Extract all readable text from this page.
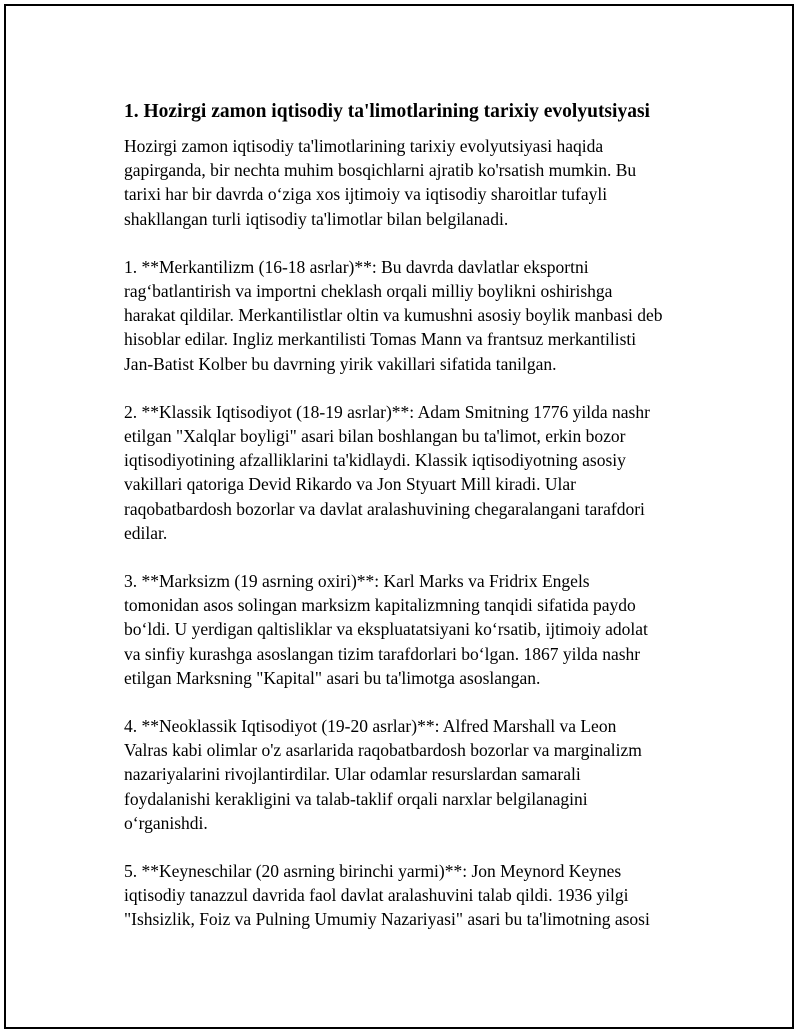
1. Hozirgi zamon iqtisodiy ta'limotlarining tarixiy evolyutsiyasi
Hozirgi zamon iqtisodiy ta'limotlarining tarixiy evolyutsiyasi haqida
gapirganda, bir nechta muhim bosqichlarni ajratib ko'rsatish mumkin. Bu
tarixi har bir davrda o‘ziga xos ijtimoiy va iqtisodiy sharoitlar tufayli
shakllangan turli iqtisodiy ta'limotlar bilan belgilanadi.
1. **Merkantilizm (16-18 asrlar)**: Bu davrda davlatlar eksportni
rag‘batlantirish va importni cheklash orqali milliy boylikni oshirishga
harakat qildilar. Merkantilistlar oltin va kumushni asosiy boylik manbasi deb
hisoblar edilar. Ingliz merkantilisti Tomas Mann va frantsuz merkantilisti
Jan-Batist Kolber bu davrning yirik vakillari sifatida tanilgan.
2. **Klassik Iqtisodiyot (18-19 asrlar)**: Adam Smitning 1776 yilda nashr
etilgan "Xalqlar boyligi" asari bilan boshlangan bu ta'limot, erkin bozor
iqtisodiyotining afzalliklarini ta'kidlaydi. Klassik iqtisodiyotning asosiy
vakillari qatoriga Devid Rikardo va Jon Styuart Mill kiradi. Ular
raqobatbardosh bozorlar va davlat aralashuvining chegaralangani tarafdori
edilar.
3. **Marksizm (19 asrning oxiri)**: Karl Marks va Fridrix Engels
tomonidan asos solingan marksizm kapitalizmning tanqidi sifatida paydo
bo‘ldi. U yerdigan qaltisliklar va ekspluatatsiyani ko‘rsatib, ijtimoiy adolat
va sinfiy kurashga asoslangan tizim tarafdorlari bo‘lgan. 1867 yilda nashr
etilgan Marksning "Kapital" asari bu ta'limotga asoslangan.
4. **Neoklassik Iqtisodiyot (19-20 asrlar)**: Alfred Marshall va Leon
Valras kabi olimlar o'z asarlarida raqobatbardosh bozorlar va marginalizm
nazariyalarini rivojlantirdilar. Ular odamlar resurslardan samarali
foydalanishi kerakligini va talab-taklif orqali narxlar belgilanagini
o‘rganishdi.
5. **Keyneschilar (20 asrning birinchi yarmi)**: Jon Meynord Keynes
iqtisodiy tanazzul davrida faol davlat aralashuvini talab qildi. 1936 yilgi
"Ishsizlik, Foiz va Pulning Umumiy Nazariyasi" asari bu ta'limotning asosi
